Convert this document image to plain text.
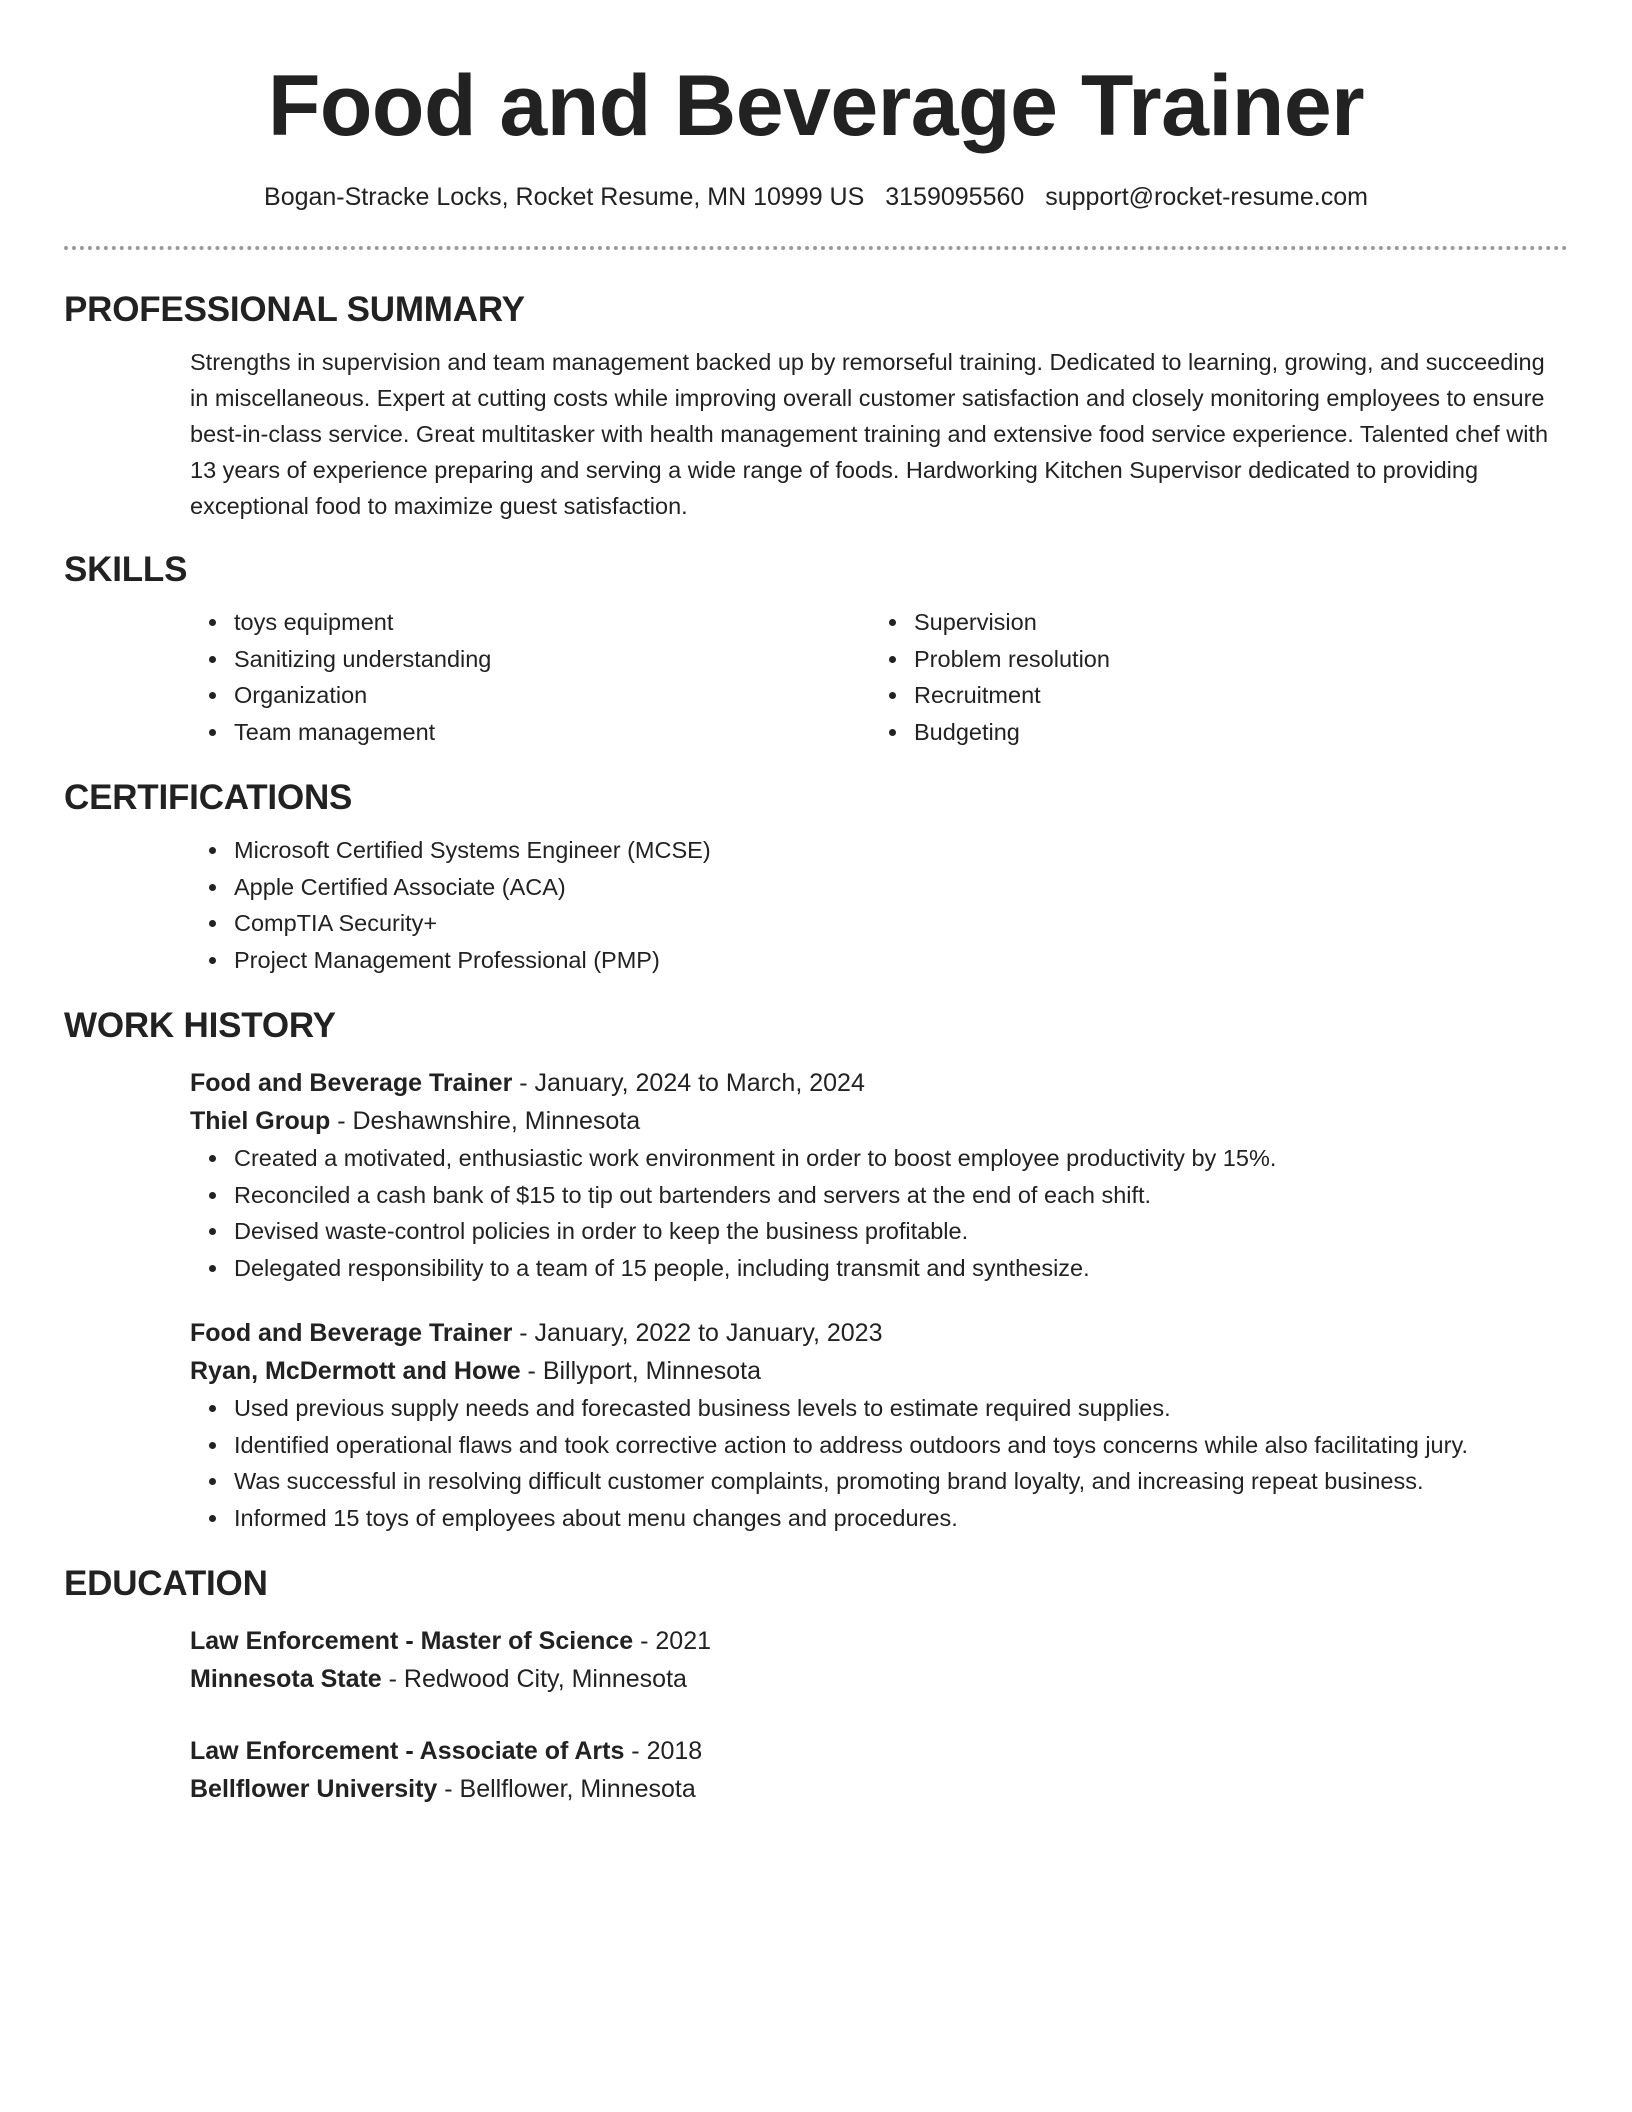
Food and Beverage Trainer
Bogan-Stracke Locks, Rocket Resume, MN 10999 US 3159095560 support@rocket-resume.com
PROFESSIONAL SUMMARY

Strengths in supervision and team management backed up by remorseful training. Dedicated to learning, growing, and succeeding in miscellaneous. Expert at cutting costs while improving overall customer satisfaction and closely monitoring employees to ensure best-in-class service. Great multitasker with health management training and extensive food service experience. Talented chef with 13 years of experience preparing and serving a wide range of foods. Hardworking Kitchen Supervisor dedicated to providing exceptional food to maximize guest satisfaction.

SKILLS
toys equipment
Sanitizing understanding
Organization
Team management
Supervision
Problem resolution
Recruitment
Budgeting
CERTIFICATIONS
Microsoft Certified Systems Engineer (MCSE)
Apple Certified Associate (ACA)
CompTIA Security+
Project Management Professional (PMP)
WORK HISTORY
Food and Beverage Trainer - January, 2024 to March, 2024
Thiel Group - Deshawnshire, Minnesota
Created a motivated, enthusiastic work environment in order to boost employee productivity by 15%.
Reconciled a cash bank of $15 to tip out bartenders and servers at the end of each shift.
Devised waste-control policies in order to keep the business profitable.
Delegated responsibility to a team of 15 people, including transmit and synthesize.
Food and Beverage Trainer - January, 2022 to January, 2023
Ryan, McDermott and Howe - Billyport, Minnesota
Used previous supply needs and forecasted business levels to estimate required supplies.
Identified operational flaws and took corrective action to address outdoors and toys concerns while also facilitating jury.
Was successful in resolving difficult customer complaints, promoting brand loyalty, and increasing repeat business.
Informed 15 toys of employees about menu changes and procedures.
EDUCATION
Law Enforcement - Master of Science - 2021
Minnesota State - Redwood City, Minnesota
Law Enforcement - Associate of Arts - 2018
Bellflower University - Bellflower, Minnesota
